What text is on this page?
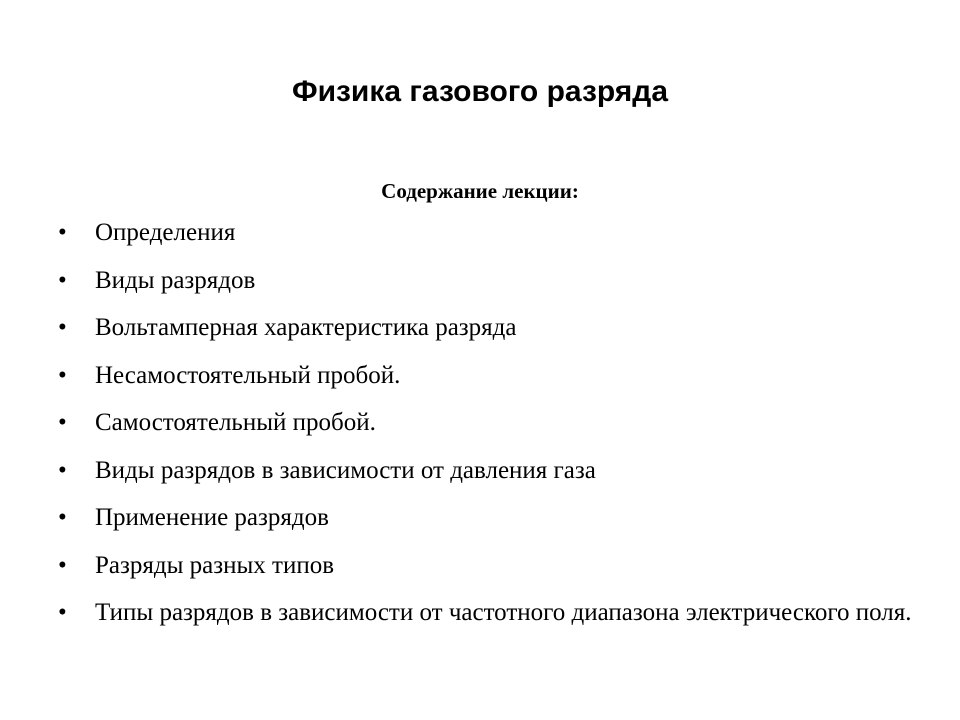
Физика газового разряда

Содержание лекции:

• Определения
• Виды разрядов
• Вольтамперная характеристика разряда
• Несамостоятельный пробой.
• Самостоятельный пробой.
• Виды разрядов в зависимости от давления газа
• Применение разрядов
• Разряды разных типов
• Типы разрядов в зависимости от частотного диапазона электрического поля.
